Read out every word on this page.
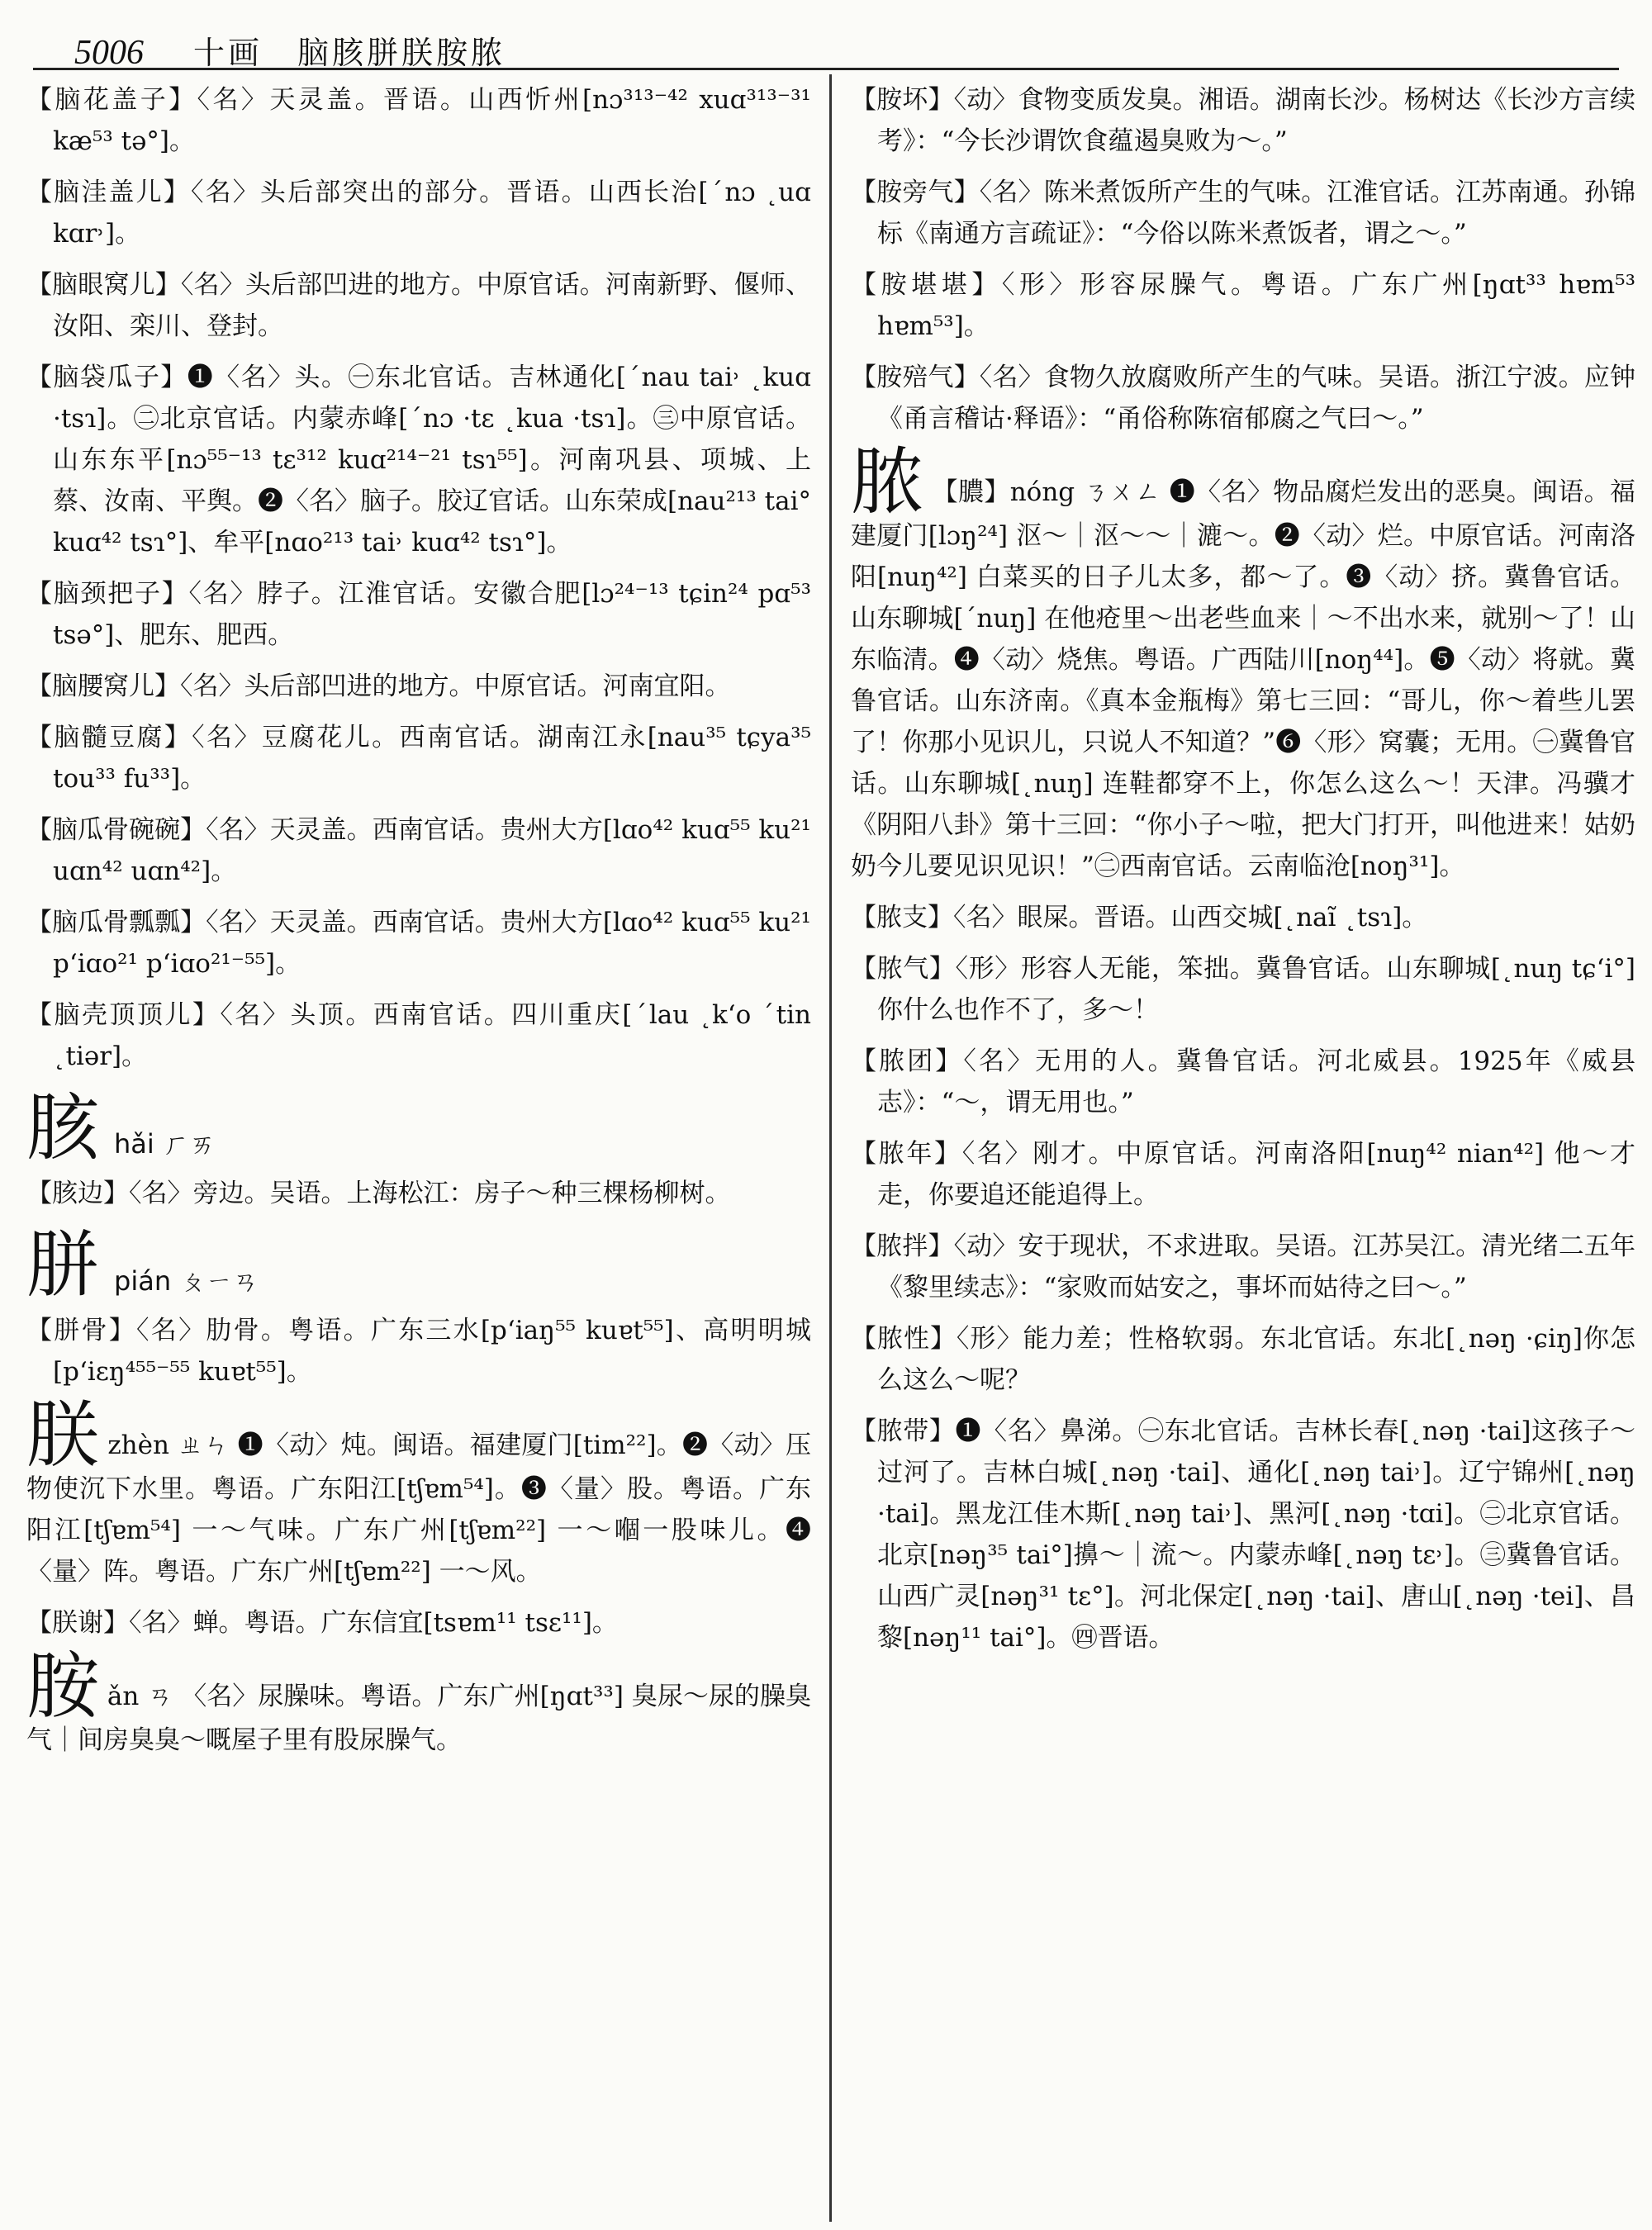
5006 十画　脑胲胼朕胺脓

【脑花盖子】〈名〉天灵盖。晋语。山西忻州[nɔ³¹³⁻⁴² xuɑ³¹³⁻³¹ kæ⁵³ tə°]。

【脑洼盖儿】〈名〉头后部突出的部分。晋语。山西长治[ˊnɔ ˛uɑ kɑr˒]。

【脑眼窝儿】〈名〉头后部凹进的地方。中原官话。河南新野、偃师、汝阳、栾川、登封。

【脑袋瓜子】❶〈名〉头。㊀东北官话。吉林通化[ˊnau tai˒ ˛kuɑ ·tsɿ]。㊁北京官话。内蒙赤峰[ˊnɔ ·tɛ ˛kua ·tsɿ]。㊂中原官话。山东东平[nɔ⁵⁵⁻¹³ tɛ³¹² kuɑ²¹⁴⁻²¹ tsɿ⁵⁵]。河南巩县、项城、上蔡、汝南、平舆。❷〈名〉脑子。胶辽官话。山东荣成[nau²¹³ tai° kuɑ⁴² tsɿ°]、牟平[nɑo²¹³ tai˒ kuɑ⁴² tsɿ°]。

【脑颈把子】〈名〉脖子。江淮官话。安徽合肥[lɔ²⁴⁻¹³ tɕin²⁴ pɑ⁵³ tsə°]、肥东、肥西。

【脑腰窝儿】〈名〉头后部凹进的地方。中原官话。河南宜阳。

【脑髓豆腐】〈名〉豆腐花儿。西南官话。湖南江永[nau³⁵ tɕya³⁵ tou³³ fu³³]。

【脑瓜骨碗碗】〈名〉天灵盖。西南官话。贵州大方[lɑo⁴² kuɑ⁵⁵ ku²¹ uɑn⁴² uɑn⁴²]。

【脑瓜骨瓢瓢】〈名〉天灵盖。西南官话。贵州大方[lɑo⁴² kuɑ⁵⁵ ku²¹ pʻiɑo²¹ pʻiɑo²¹⁻⁵⁵]。

【脑壳顶顶儿】〈名〉头顶。西南官话。四川重庆[ˊlau ˛kʻo ˊtin ˛tiər]。

胲 hǎi ㄏㄞ

【胲边】〈名〉旁边。吴语。上海松江：房子～种三棵杨柳树。

胼 pián ㄆㄧㄢ

【胼骨】〈名〉肋骨。粤语。广东三水[pʻiaŋ⁵⁵ kuɐt⁵⁵]、高明明城[pʻiɛŋ⁴⁵⁵⁻⁵⁵ kuɐt⁵⁵]。

朕 zhèn ㄓㄣ ❶〈动〉炖。闽语。福建厦门[tim²²]。❷〈动〉压物使沉下水里。粤语。广东阳江[tʃɐm⁵⁴]。❸〈量〉股。粤语。广东阳江[tʃɐm⁵⁴] 一～气味。广东广州[tʃɐm²²] 一～嗰一股味儿。❹〈量〉阵。粤语。广东广州[tʃɐm²²] 一～风。

【朕谢】〈名〉蝉。粤语。广东信宜[tsɐm¹¹ tsɛ¹¹]。

胺 ǎn ㄢ 〈名〉尿臊味。粤语。广东广州[ŋɑt³³] 臭尿～尿的臊臭气｜间房臭臭～嘅屋子里有股尿臊气。

【胺坏】〈动〉食物变质发臭。湘语。湖南长沙。杨树达《长沙方言续考》：“今长沙谓饮食蕴遏臭败为～。”

【胺旁气】〈名〉陈米煮饭所产生的气味。江淮官话。江苏南通。孙锦标《南通方言疏证》：“今俗以陈米煮饭者，谓之～。”

【胺堪堪】〈形〉形容尿臊气。粤语。广东广州[ŋɑt³³ hɐm⁵³ hɐm⁵³]。

【胺殕气】〈名〉食物久放腐败所产生的气味。吴语。浙江宁波。应钟《甬言稽诂·释语》：“甬俗称陈宿郁腐之气曰～。”

脓 【膿】nóng ㄋㄨㄥ ❶〈名〉物品腐烂发出的恶臭。闽语。福建厦门[lɔŋ²⁴] 沤～｜沤～～｜漉～。❷〈动〉烂。中原官话。河南洛阳[nuŋ⁴²] 白菜买的日子儿太多，都～了。❸〈动〉挤。冀鲁官话。山东聊城[ˊnuŋ] 在他疮里～出老些血来｜～不出水来，就别～了！山东临清。❹〈动〉烧焦。粤语。广西陆川[noŋ⁴⁴]。❺〈动〉将就。冀鲁官话。山东济南。《真本金瓶梅》第七三回：“哥儿，你～着些儿罢了！你那小见识儿，只说人不知道？”❻〈形〉窝囊；无用。㊀冀鲁官话。山东聊城[˛nuŋ] 连鞋都穿不上，你怎么这么～！天津。冯骥才《阴阳八卦》第十三回：“你小子～啦，把大门打开，叫他进来！姑奶奶今儿要见识见识！”㊁西南官话。云南临沧[noŋ³¹]。

【脓支】〈名〉眼屎。晋语。山西交城[˛naĩ ˛tsɿ]。

【脓气】〈形〉形容人无能，笨拙。冀鲁官话。山东聊城[˛nuŋ tɕʻi°]你什么也作不了，多～！

【脓团】〈名〉无用的人。冀鲁官话。河北威县。1925年《威县志》：“～，谓无用也。”

【脓年】〈名〉刚才。中原官话。河南洛阳[nuŋ⁴² nian⁴²] 他～才走，你要追还能追得上。

【脓拌】〈动〉安于现状，不求进取。吴语。江苏吴江。清光绪二五年《黎里续志》：“家败而姑安之，事坏而姑待之曰～。”

【脓性】〈形〉能力差；性格软弱。东北官话。东北[˛nəŋ ·ɕiŋ]你怎么这么～呢？

【脓带】❶〈名〉鼻涕。㊀东北官话。吉林长春[˛nəŋ ·tai]这孩子～过河了。吉林白城[˛nəŋ ·tai]、通化[˛nəŋ tai˒]。辽宁锦州[˛nəŋ ·tai]。黑龙江佳木斯[˛nəŋ tai˒]、黑河[˛nəŋ ·tɑi]。㊁北京官话。北京[nəŋ³⁵ tai°]擤～｜流～。内蒙赤峰[˛nəŋ tɛ˒]。㊂冀鲁官话。山西广灵[nəŋ³¹ tɛ°]。河北保定[˛nəŋ ·tai]、唐山[˛nəŋ ·tei]、昌黎[nəŋ¹¹ tai°]。㊃晋语。
